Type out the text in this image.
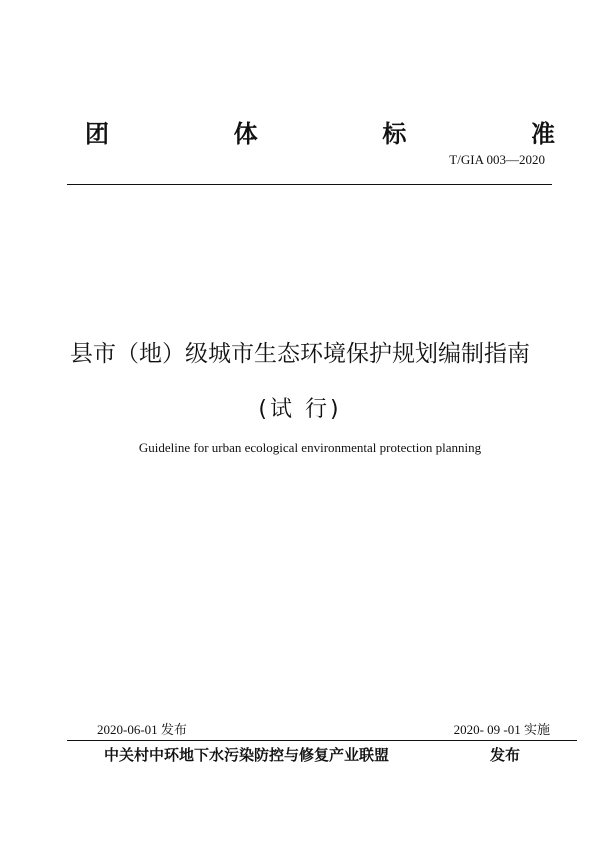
团	体	标	准
T/GIA 003—2020
县市（地）级城市生态环境保护规划编制指南
(试 行)
Guideline for urban ecological environmental protection planning
2020-06-01 发布	2020- 09 -01 实施
中关村中环地下水污染防控与修复产业联盟	发布
